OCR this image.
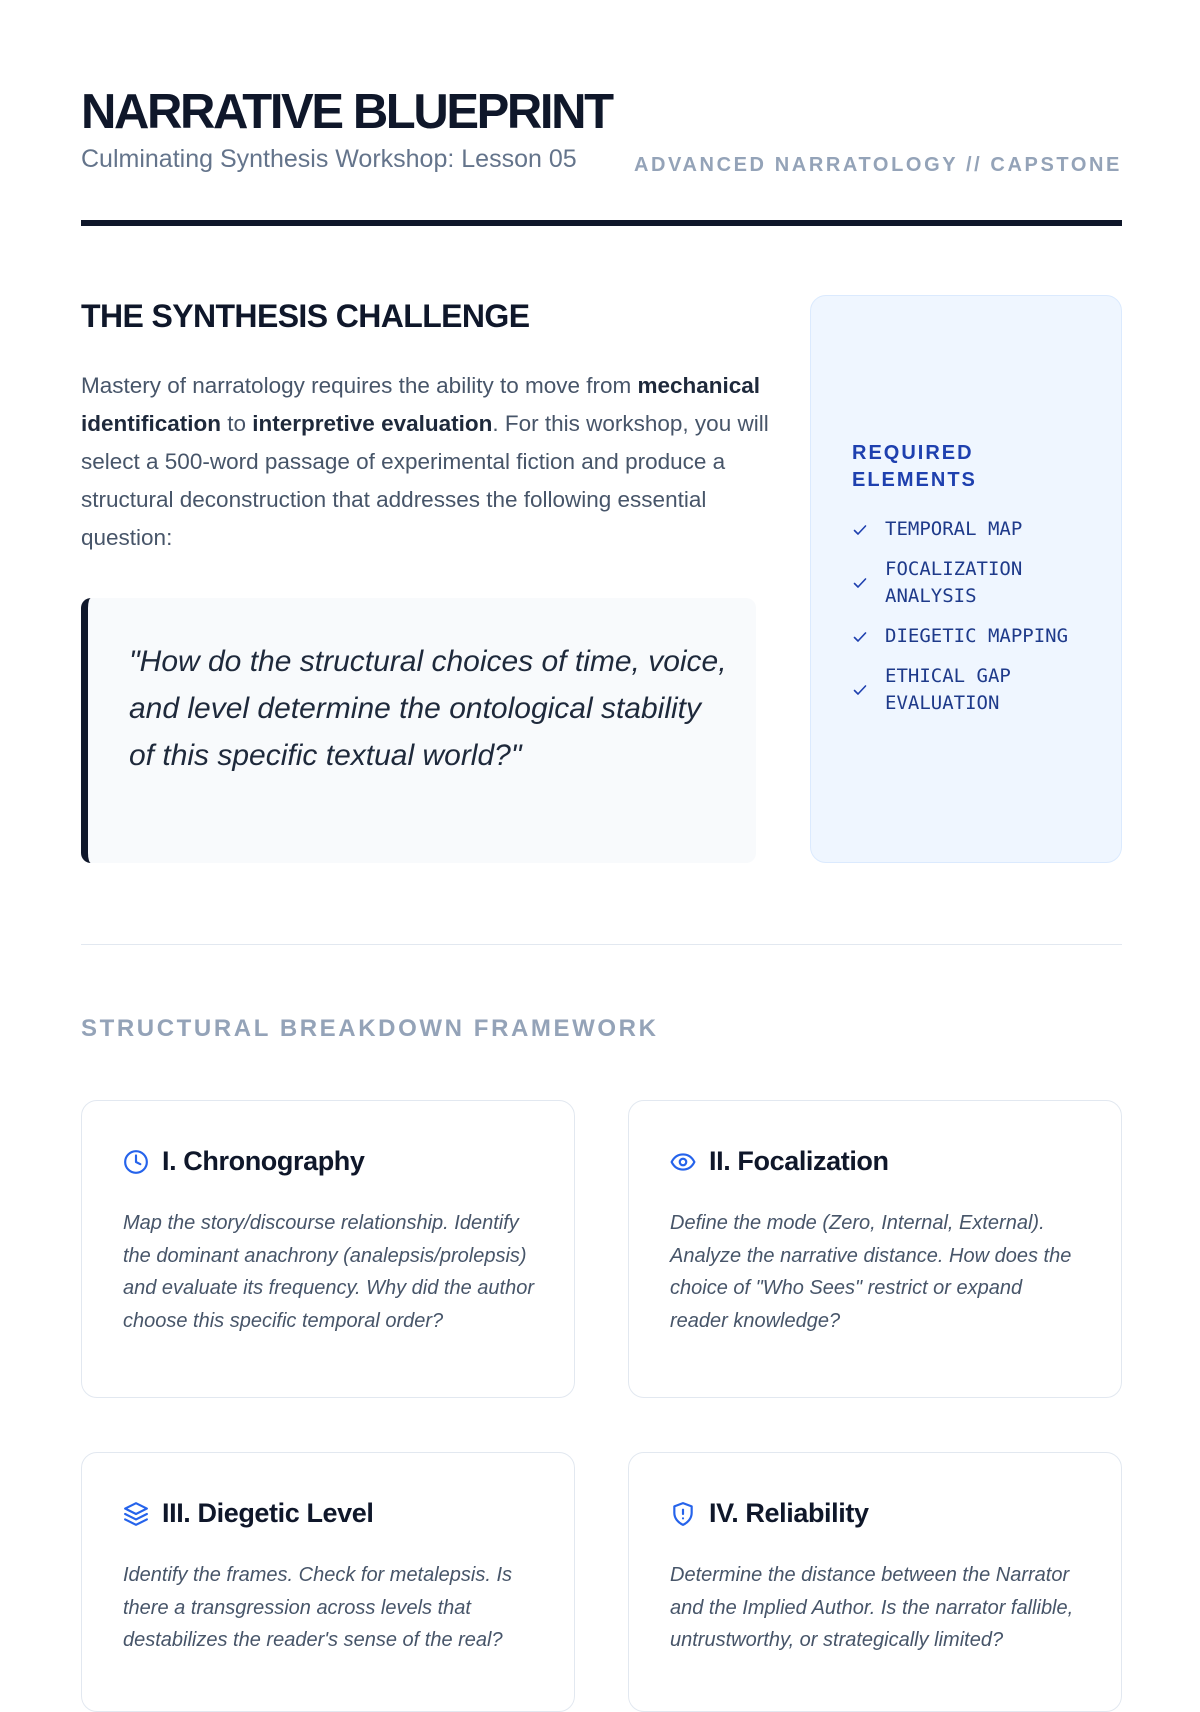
NARRATIVE BLUEPRINT
Culminating Synthesis Workshop: Lesson 05	ADVANCED NARRATOLOGY // CAPSTONE
THE SYNTHESIS CHALLENGE

Mastery of narratology requires the ability to move from mechanical identification to interpretive evaluation. For this workshop, you will select a 500-word passage of experimental fiction and produce a structural deconstruction that addresses the following essential question:

"How do the structural choices of time, voice, and level determine the ontological stability of this specific textual world?"

REQUIRED ELEMENTS
TEMPORAL MAP
FOCALIZATION ANALYSIS
DIEGETIC MAPPING
ETHICAL GAP EVALUATION
STRUCTURAL BREAKDOWN FRAMEWORK
I. Chronography

Map the story/discourse relationship. Identify the dominant anachrony (analepsis/prolepsis) and evaluate its frequency. Why did the author choose this specific temporal order?

II. Focalization

Define the mode (Zero, Internal, External). Analyze the narrative distance. How does the choice of "Who Sees" restrict or expand reader knowledge?

III. Diegetic Level

Identify the frames. Check for metalepsis. Is there a transgression across levels that destabilizes the reader's sense of the real?

IV. Reliability

Determine the distance between the Narrator and the Implied Author. Is the narrator fallible, untrustworthy, or strategically limited?
